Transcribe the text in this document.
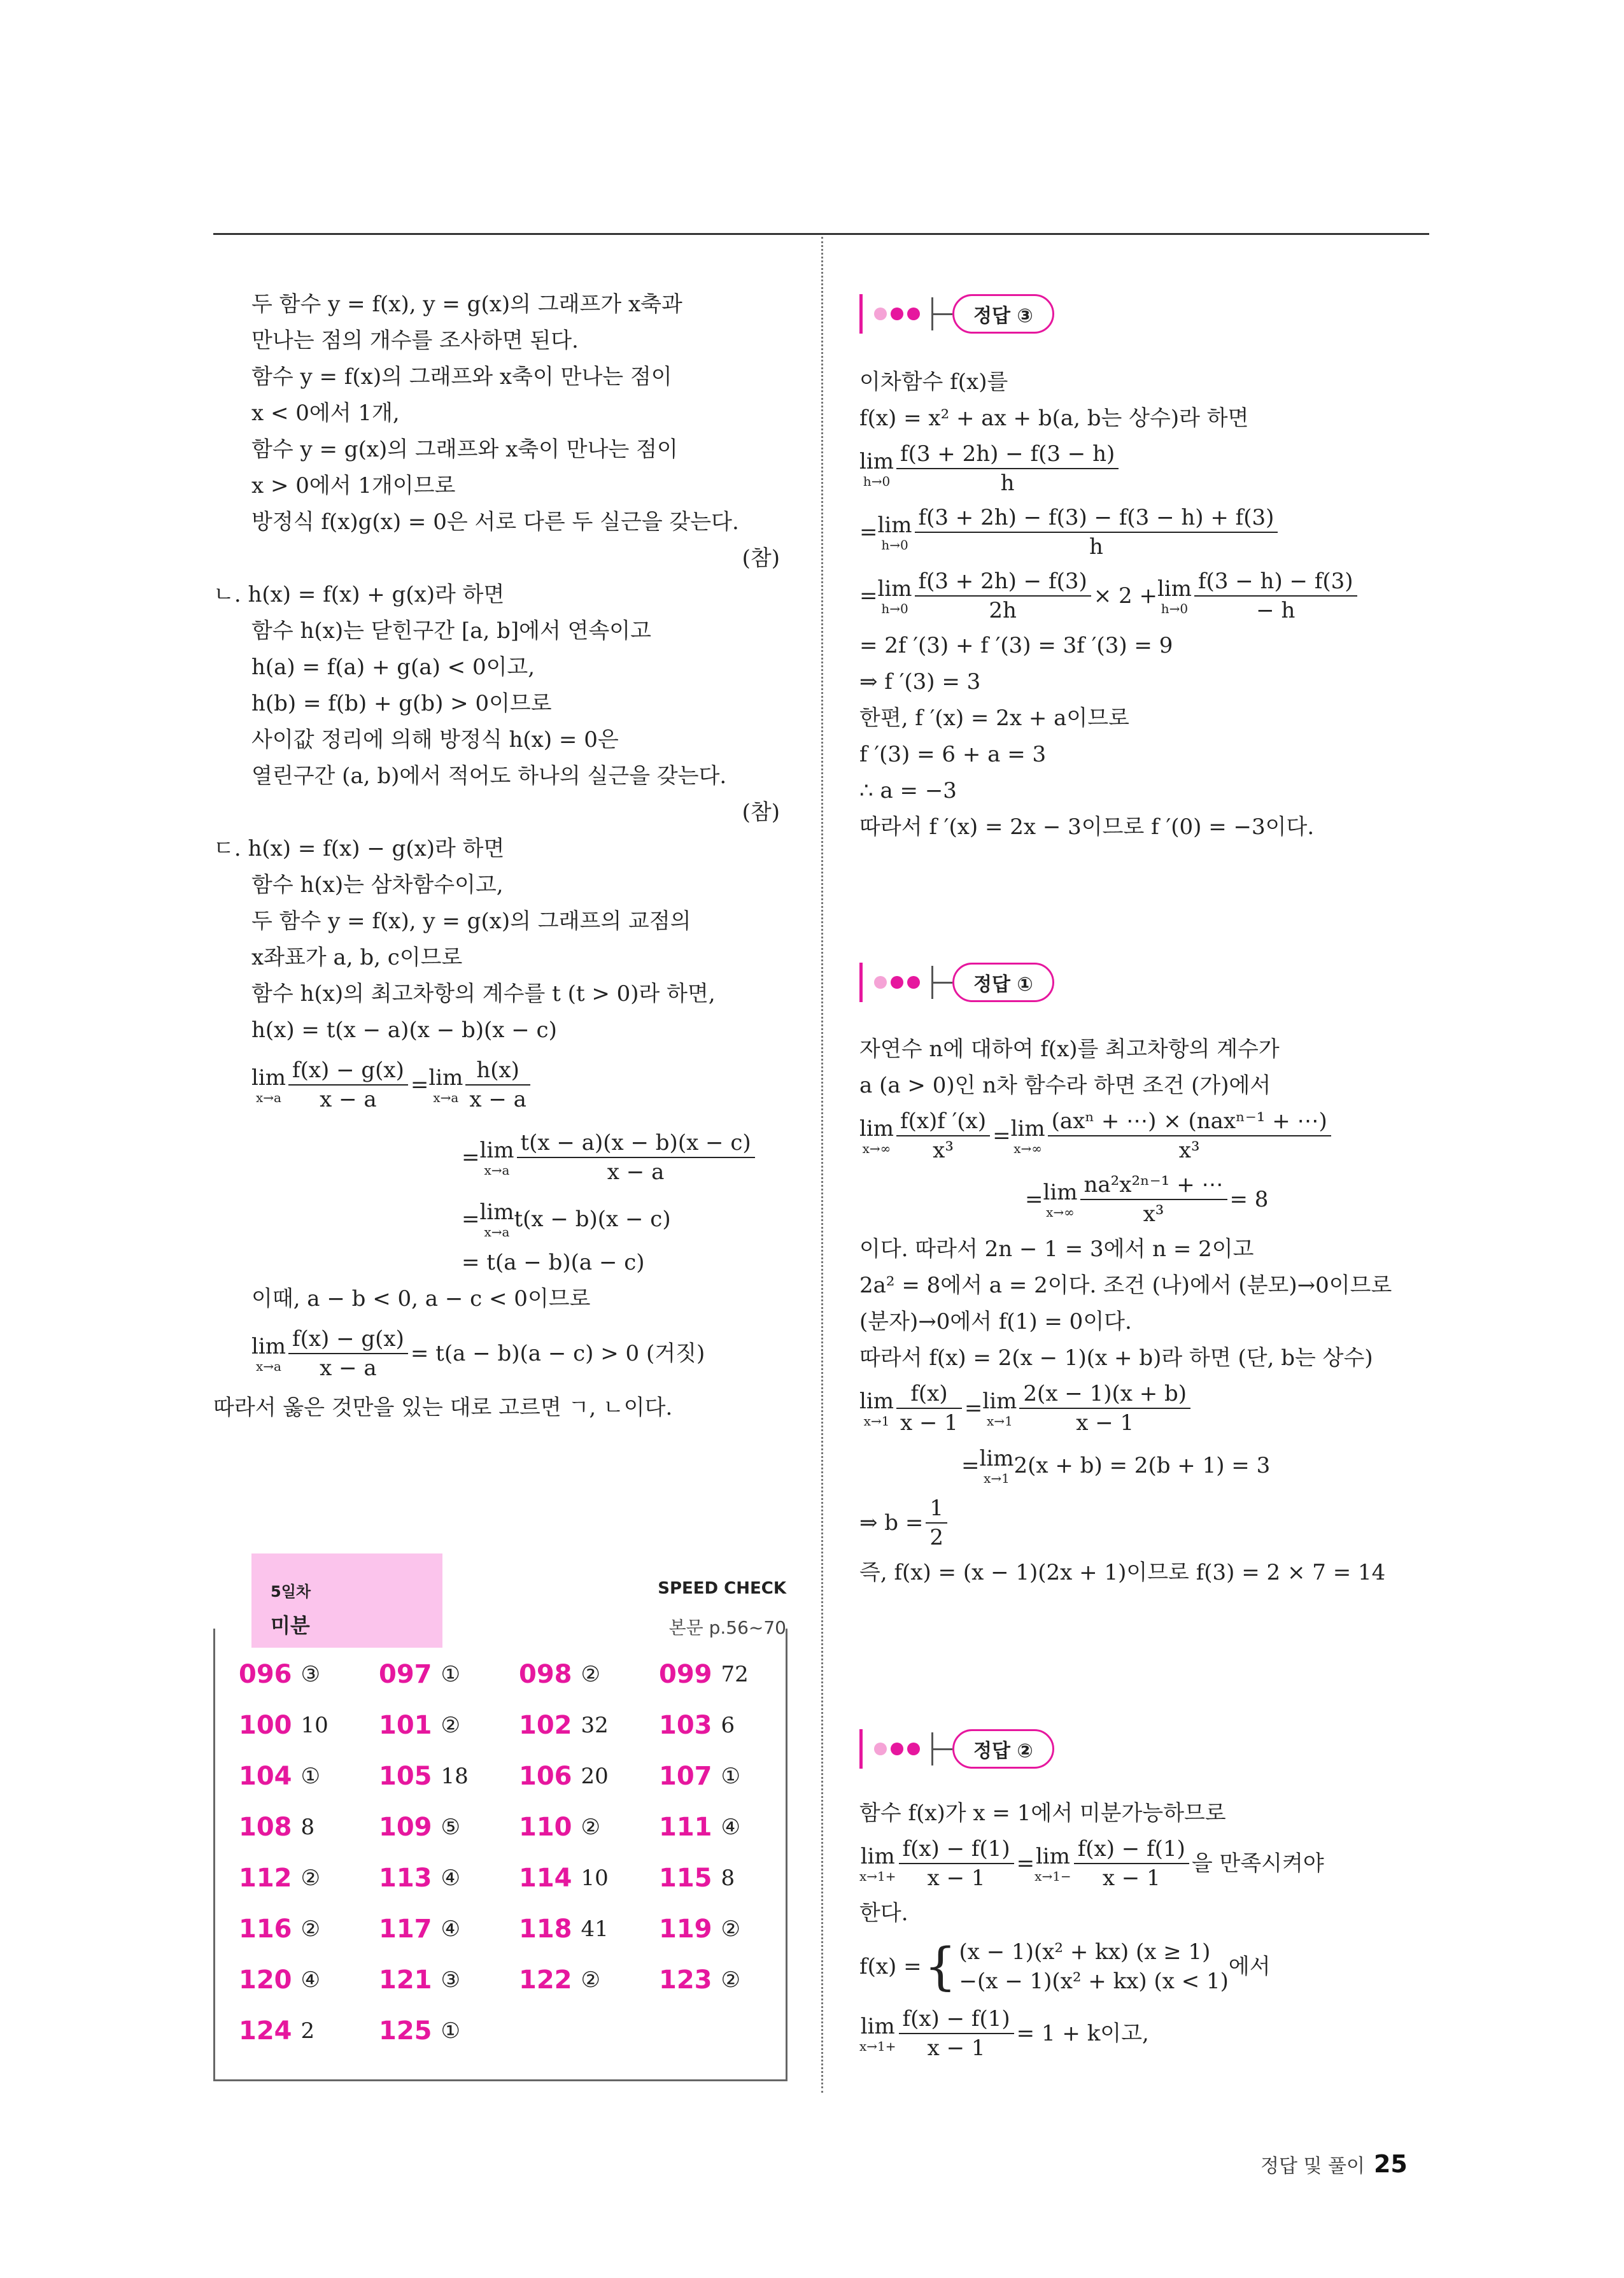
두 함수 y = f(x), y = g(x)의 그래프가 x축과
만나는 점의 개수를 조사하면 된다.
함수 y = f(x)의 그래프와 x축이 만나는 점이
x < 0에서 1개,
함수 y = g(x)의 그래프와 x축이 만나는 점이
x > 0에서 1개이므로
방정식 f(x)g(x) = 0은 서로 다른 두 실근을 갖는다.
(참)
ㄴ. h(x) = f(x) + g(x)라 하면
함수 h(x)는 닫힌구간 [a, b]에서 연속이고
h(a) = f(a) + g(a) < 0이고,
h(b) = f(b) + g(b) > 0이므로
사이값 정리에 의해 방정식 h(x) = 0은
열린구간 (a, b)에서 적어도 하나의 실근을 갖는다.
(참)
ㄷ. h(x) = f(x) − g(x)라 하면
함수 h(x)는 삼차함수이고,
두 함수 y = f(x), y = g(x)의 그래프의 교점의
x좌표가 a, b, c이므로
함수 h(x)의 최고차항의 계수를 t (t > 0)라 하면,
h(x) = t(x − a)(x − b)(x − c)
lim
$x\to a \frac{f(x) - g(x)}{x - a} = \lim$
$x\to a \frac{h(x)}{x - a}$
= lim
$x\to a \frac{t(x - a)(x - b)(x - c)}{x - a}$
= lim
x→a
t(x − b)(x − c)
= t(a − b)(a − c)
이때, a − b < 0, a − c < 0이므로
lim
$x\to a \frac{f(x) - g(x)}{x - a} = t(a - b)(a - c) > 0$ (거짓)
따라서 옳은 것만을 있는 대로 고르면 ㄱ, ㄴ이다.
정답 ③
정답 ①
정답 ②
이차함수 f(x)를
f(x) = x² + ax + b(a, b는 상수)라 하면
lim
$h\to 0 \frac{f(3 + 2h) - f(3 - h)}{h}$
= lim
$h\to 0 \frac{f(3 + 2h) - f(3) - f(3 - h) + f(3)}{h}$
= lim
$h\to 0 \frac{f(3 + 2h) - f(3)}{2h} \times 2 + \lim$
$h\to 0 \frac{f(3 - h) - f(3)}{- h}$
= 2f ′(3) + f ′(3) = 3f ′(3) = 9
⇒ f ′(3) = 3
한편, f ′(x) = 2x + a이므로
f ′(3) = 6 + a = 3
∴ a = −3
따라서 f ′(x) = 2x − 3이므로 f ′(0) = −3이다.
자연수 n에 대하여 f(x)를 최고차항의 계수가
a (a > 0)인 n차 함수라 하면 조건 (가)에서
lim
$x\to\infty \frac{f(x)f '(x)}{\text{x³}} = \lim$
$x\to\infty \frac{\text{(axⁿ + ⋯) × (naxⁿ⁻¹ + ⋯)}}{\text{x³}}$
= lim
$x\to\infty \frac{\text{na²x²ⁿ⁻¹ + ⋯}}{\text{x³}} = 8$
이다. 따라서 2n − 1 = 3에서 n = 2이고
2a² = 8에서 a = 2이다. 조건 (나)에서 (분모)→0이므로
(분자)→0에서 f(1) = 0이다.
따라서 f(x) = 2(x − 1)(x + b)라 하면 (단, b는 상수)
lim
$x\to 1 \frac{f(x)}{x - 1} = \lim$
$x\to 1 \frac{2(x - 1)(x + b)}{x - 1}$
= lim
x→1
2(x + b) = 2(b + 1) = 3
⇒ $b = \frac{1}{2}$
즉, f(x) = (x − 1)(2x + 1)이므로 f(3) = 2 × 7 = 14
함수 f(x)가 x = 1에서 미분가능하므로
lim
$x\to 1+ \frac{f(x) - f(1)}{x - 1} = \lim$
$x\to 1- \frac{f(x) - f(1)}{x - 1}$ 을 만족시켜야
한다.
f(x) = { (x − 1)(x² + kx) (x ≥ 1)
−(x − 1)(x² + kx) (x < 1)
에서
lim
$x\to 1+ \frac{f(x) - f(1)}{x - 1} = 1 + k$이고,
5일차
미분
SPEED CHECK
본문 p.56~70
096 ③ 097 ① 098 ② 099 72
100 10 101 ② 102 32 103 6
104 ① 105 18 106 20 107 ①
108 8	109 ⑤ 110 ② 111 ④
112 ② 113 ④ 114 10 115 8
116 ② 117 ④ 118 41 119 ②
120 ④ 121 ③ 122 ② 123 ②
124 2	125 ①
정답 및 풀이 25
